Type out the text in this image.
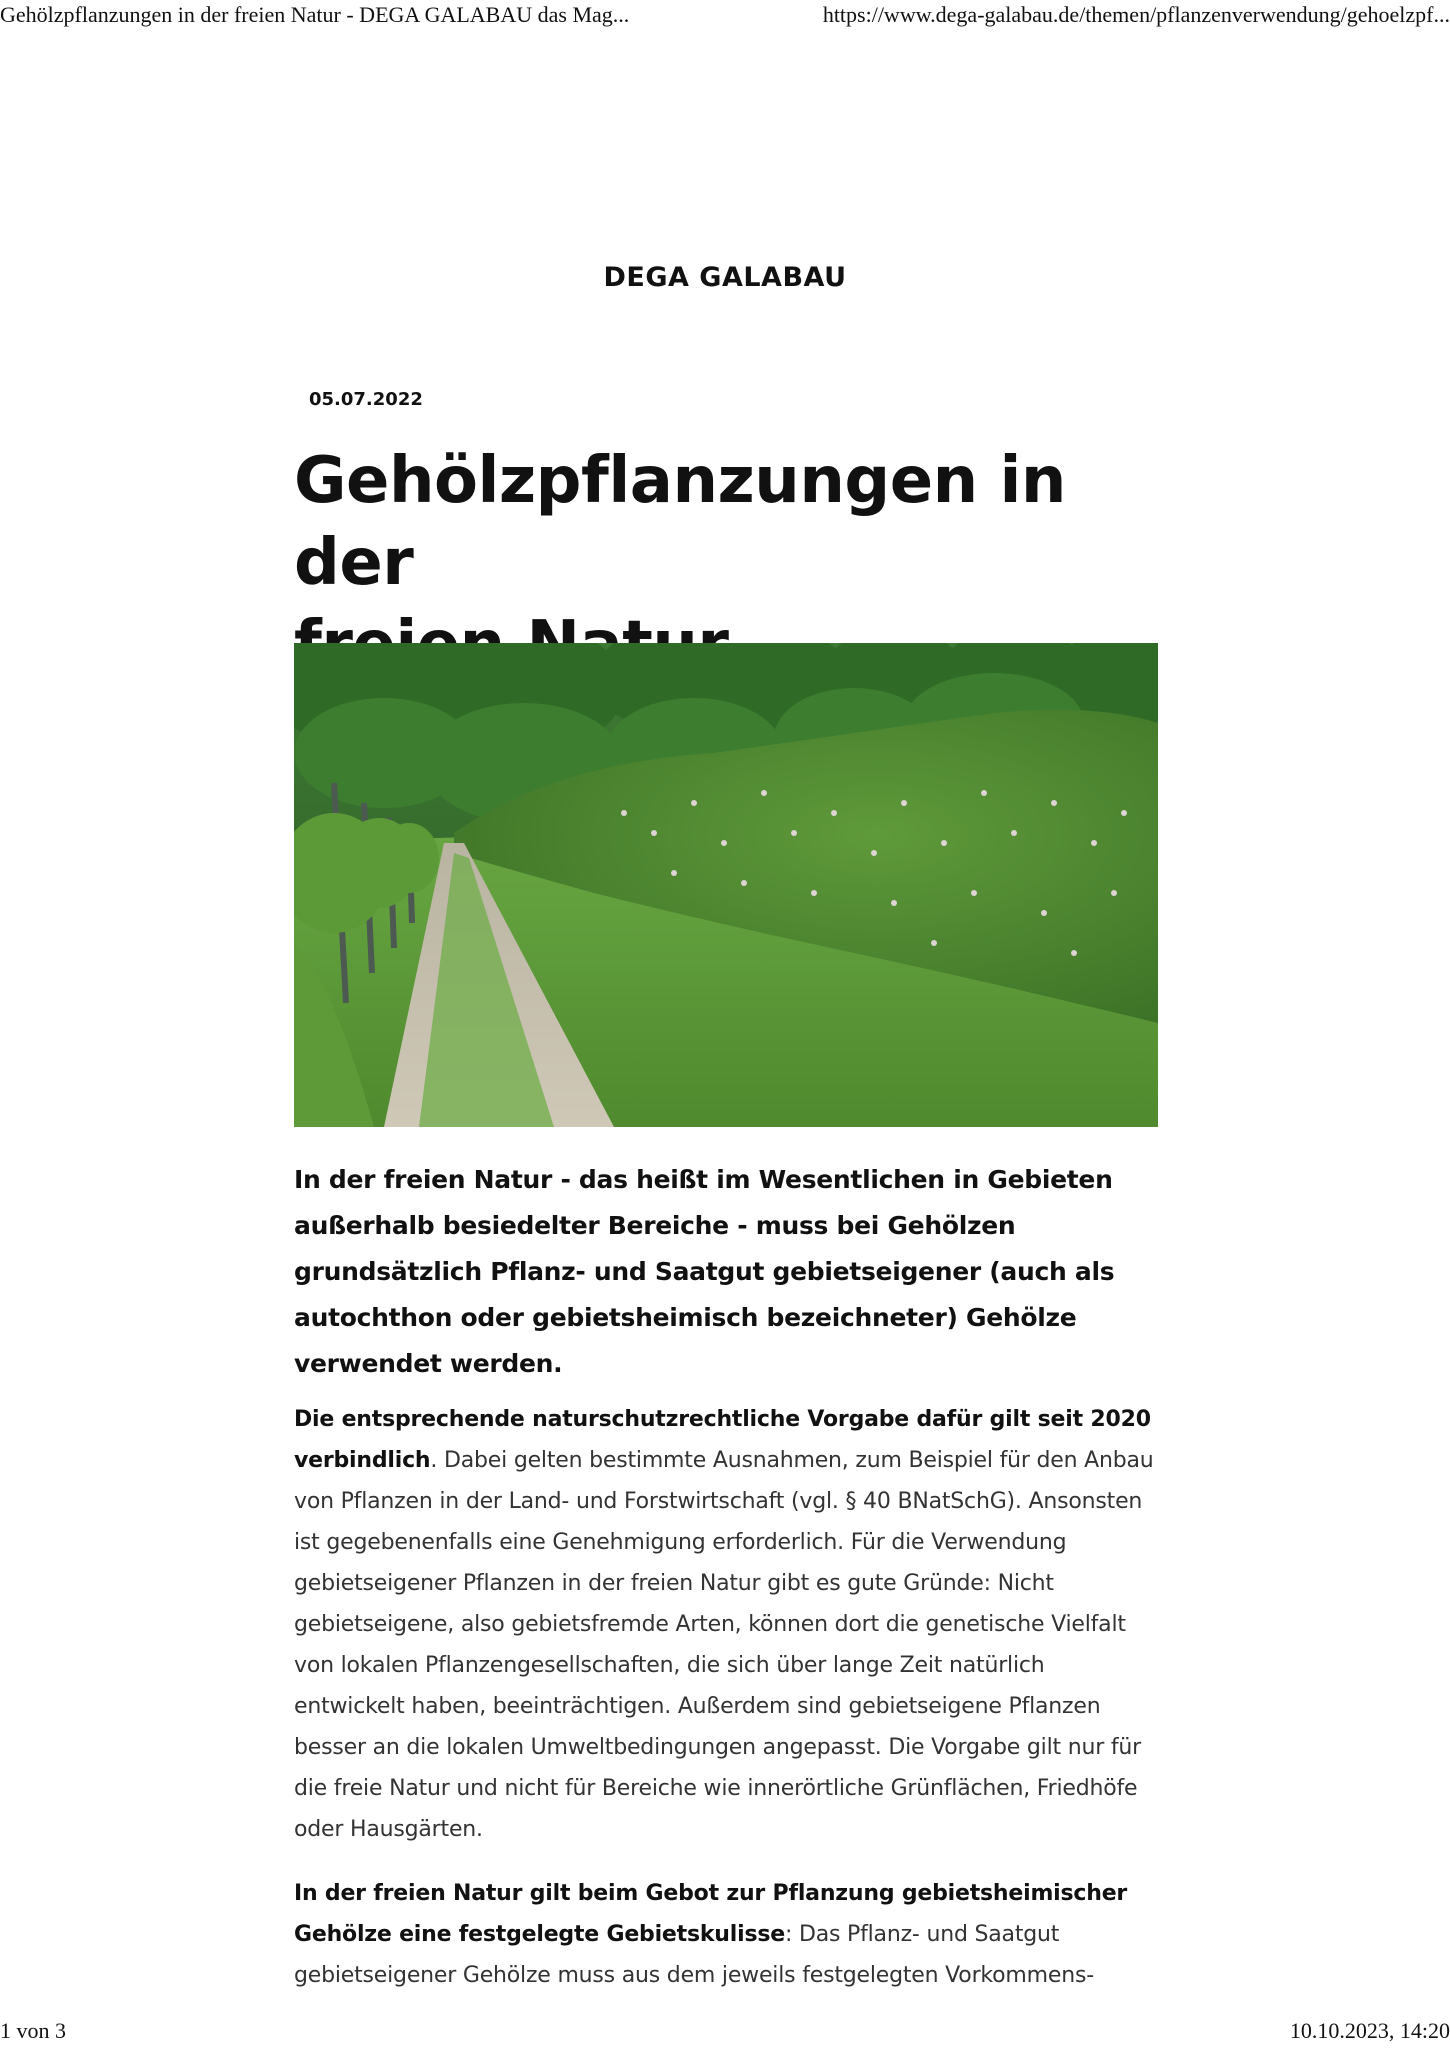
Gehölzpflanzungen in der freien Natur - DEGA GALABAU das Mag...	https://www.dega-galabau.de/themen/pflanzenverwendung/gehoelzpf...
DEGA GALABAU
05.07.2022
Gehölzpflanzungen in der

In der freien Natur - das heißt im Wesentlichen in Gebieten außerhalb besiedelter Bereiche - muss bei Gehölzen grundsätzlich Pflanz- und Saatgut gebietseigener (auch als autochthon oder gebietsheimisch bezeichneter) Gehölze verwendet werden.

Die entsprechende naturschutzrechtliche Vorgabe dafür gilt seit 2020 verbindlich. Dabei gelten bestimmte Ausnahmen, zum Beispiel für den Anbau von Pflanzen in der Land- und Forstwirtschaft (vgl. § 40 BNatSchG). Ansonsten ist gegebenenfalls eine Genehmigung erforderlich. Für die Verwendung gebietseigener Pflanzen in der freien Natur gibt es gute Gründe: Nicht gebietseigene, also gebietsfremde Arten, können dort die genetische Vielfalt von lokalen Pflanzengesellschaften, die sich über lange Zeit natürlich entwickelt haben, beeinträchtigen. Außerdem sind gebietseigene Pflanzen besser an die lokalen Umweltbedingungen angepasst. Die Vorgabe gilt nur für die freie Natur und nicht für Bereiche wie innerörtliche Grünflächen, Friedhöfe oder Hausgärten.

In der freien Natur gilt beim Gebot zur Pflanzung gebietsheimischer Gehölze eine festgelegte Gebietskulisse: Das Pflanz- und Saatgut gebietseigener Gehölze muss aus dem jeweils festgelegten Vorkommens-

1 von 3	10.10.2023, 14:20
